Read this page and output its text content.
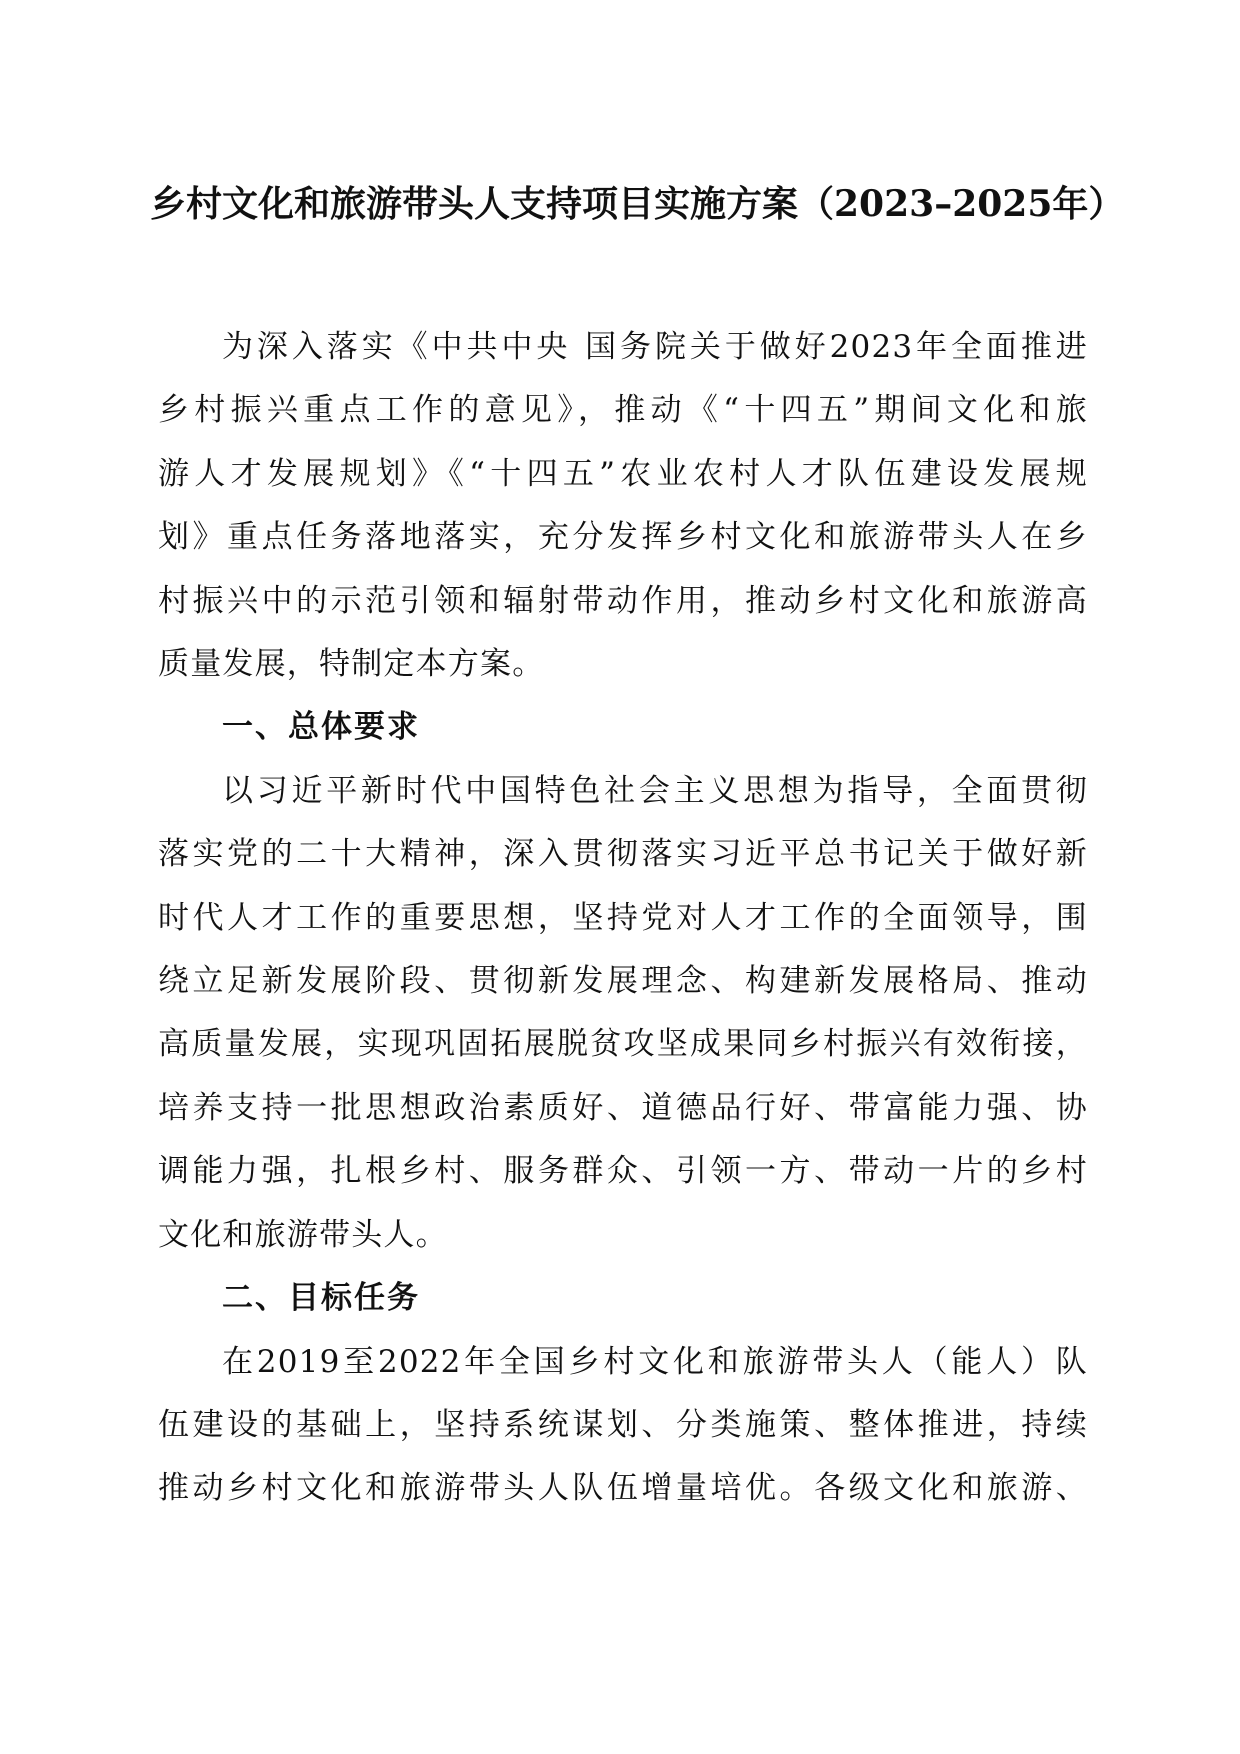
乡村文化和旅游带头人支持项目实施方案（2023–2025年）
为深入落实《中共中央 国务院关于做好2023年全面推进
乡村振兴重点工作的意见》，推动《“十四五”期间文化和旅
游人才发展规划》《“十四五”农业农村人才队伍建设发展规
划》重点任务落地落实，充分发挥乡村文化和旅游带头人在乡
村振兴中的示范引领和辐射带动作用，推动乡村文化和旅游高
质量发展，特制定本方案。
一、总体要求
以习近平新时代中国特色社会主义思想为指导，全面贯彻
落实党的二十大精神，深入贯彻落实习近平总书记关于做好新
时代人才工作的重要思想，坚持党对人才工作的全面领导，围
绕立足新发展阶段、贯彻新发展理念、构建新发展格局、推动
高质量发展，实现巩固拓展脱贫攻坚成果同乡村振兴有效衔接，
培养支持一批思想政治素质好、道德品行好、带富能力强、协
调能力强，扎根乡村、服务群众、引领一方、带动一片的乡村
文化和旅游带头人。
二、目标任务
在2019至2022年全国乡村文化和旅游带头人（能人）队
伍建设的基础上，坚持系统谋划、分类施策、整体推进，持续
推动乡村文化和旅游带头人队伍增量培优。各级文化和旅游、
